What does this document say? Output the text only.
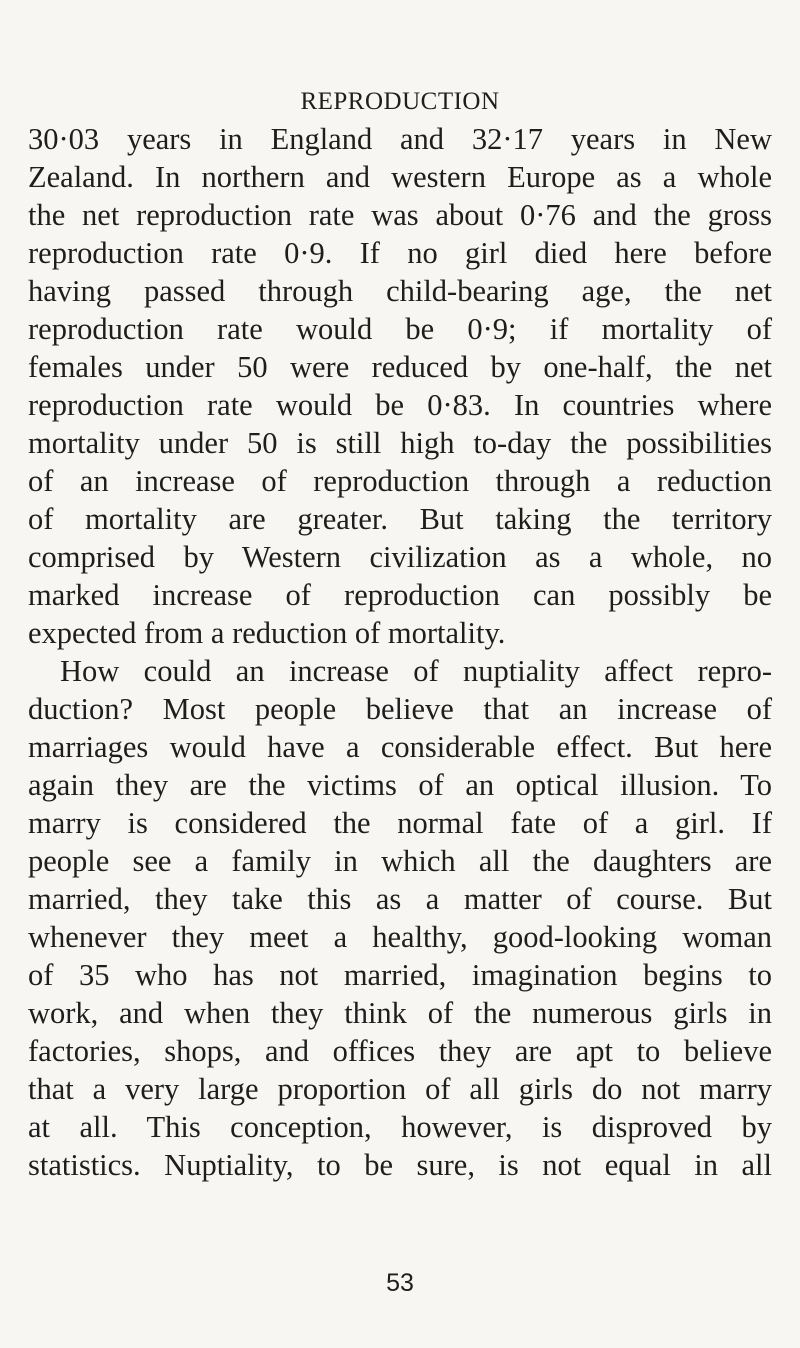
REPRODUCTION
30·03 years in England and 32·17 years in New
Zealand. In northern and western Europe as a whole
the net reproduction rate was about 0·76 and the gross
reproduction rate 0·9. If no girl died here before
having passed through child-bearing age, the net
reproduction rate would be 0·9; if mortality of
females under 50 were reduced by one-half, the net
reproduction rate would be 0·83. In countries where
mortality under 50 is still high to-day the possibilities
of an increase of reproduction through a reduction
of mortality are greater. But taking the territory
comprised by Western civilization as a whole, no
marked increase of reproduction can possibly be
expected from a reduction of mortality.
How could an increase of nuptiality affect repro-
duction? Most people believe that an increase of
marriages would have a considerable effect. But here
again they are the victims of an optical illusion. To
marry is considered the normal fate of a girl. If
people see a family in which all the daughters are
married, they take this as a matter of course. But
whenever they meet a healthy, good-looking woman
of 35 who has not married, imagination begins to
work, and when they think of the numerous girls in
factories, shops, and offices they are apt to believe
that a very large proportion of all girls do not marry
at all. This conception, however, is disproved by
statistics. Nuptiality, to be sure, is not equal in all
53
